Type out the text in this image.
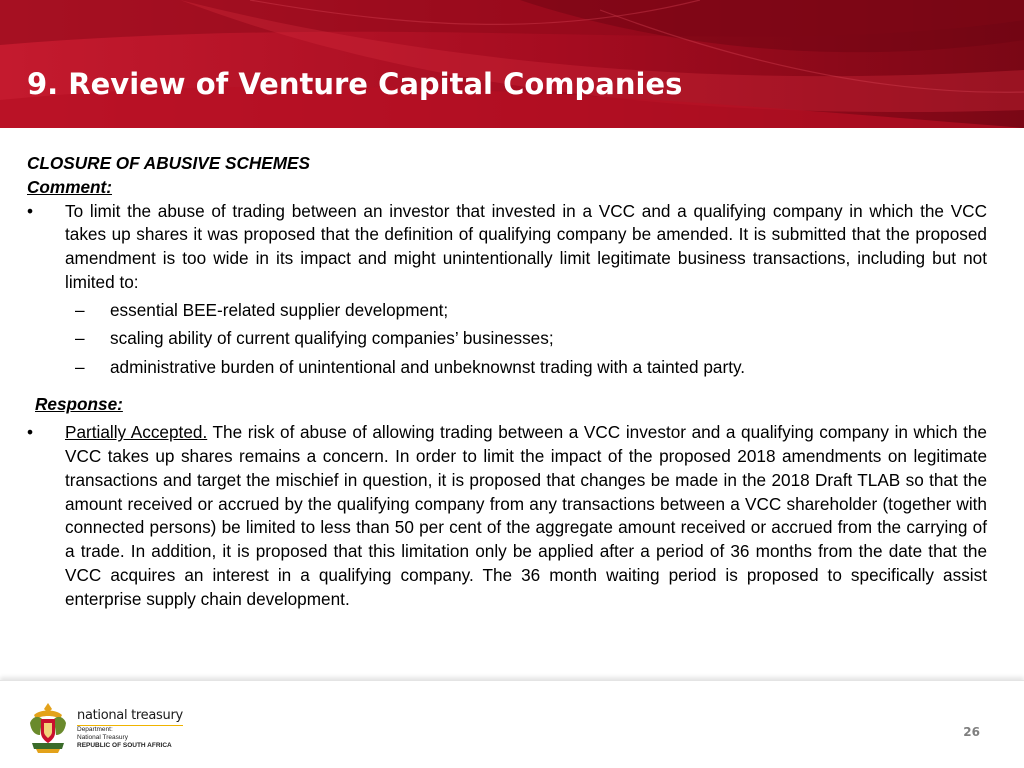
9. Review of Venture Capital Companies

CLOSURE OF ABUSIVE SCHEMES

Comment:

•	To limit the abuse of trading between an investor that invested in a VCC and a qualifying company in which the VCC takes up shares it was proposed that the definition of qualifying company be amended. It is submitted that the proposed amendment is too wide in its impact and might unintentionally limit legitimate business transactions, including but not limited to:
– essential BEE-related supplier development;
– scaling ability of current qualifying companies’ businesses;
– administrative burden of unintentional and unbeknownst trading with a tainted party.

Response:

•	Partially Accepted. The risk of abuse of allowing trading between a VCC investor and a qualifying company in which the VCC takes up shares remains a concern. In order to limit the impact of the proposed 2018 amendments on legitimate transactions and target the mischief in question, it is proposed that changes be made in the 2018 Draft TLAB so that the amount received or accrued by the qualifying company from any transactions between a VCC shareholder (together with connected persons) be limited to less than 50 per cent of the aggregate amount received or accrued from the carrying of a trade. In addition, it is proposed that this limitation only be applied after a period of 36 months from the date that the VCC acquires an interest in a qualifying company. The 36 month waiting period is proposed to specifically assist enterprise supply chain development.
national treasury
Department:
National Treasury
REPUBLIC OF SOUTH AFRICA
26
